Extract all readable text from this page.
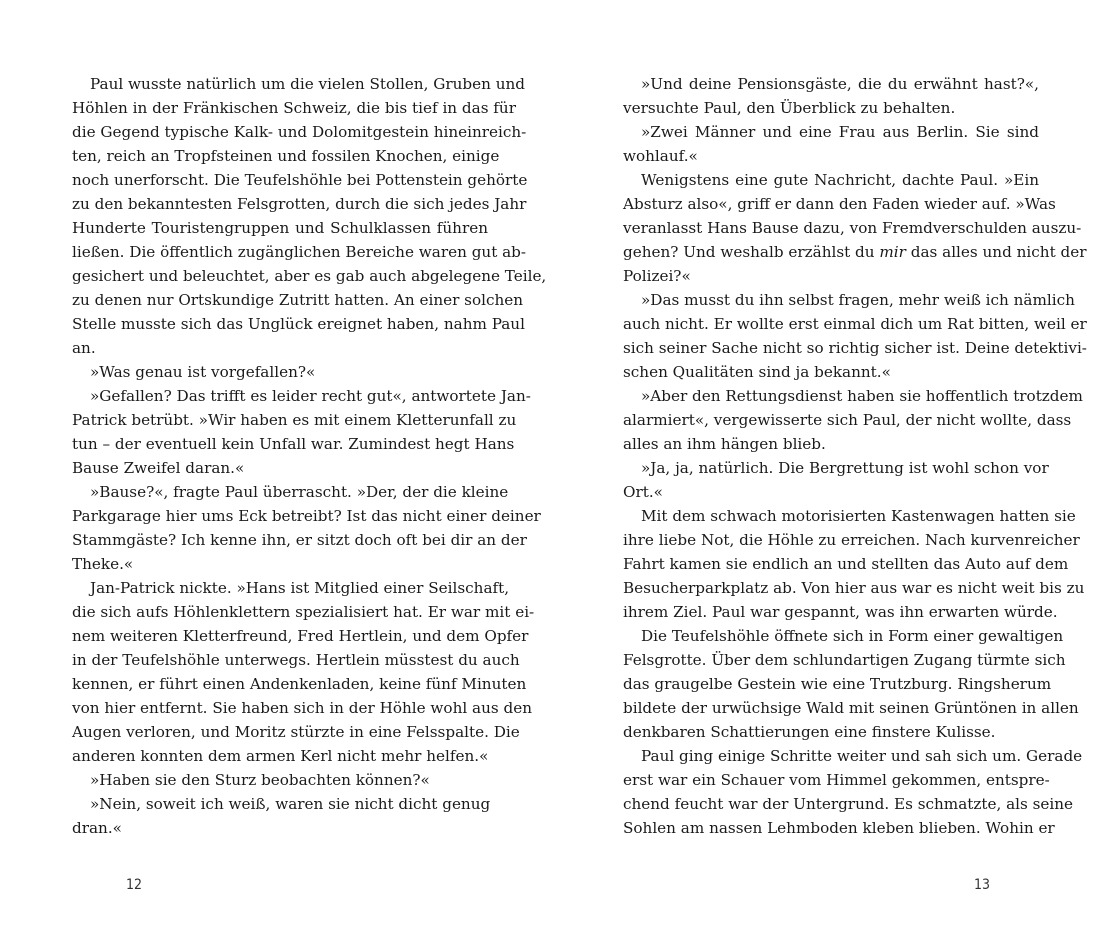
Paul wusste natürlich um die vielen Stollen, Gruben und
Höhlen in der Fränkischen Schweiz, die bis tief in das für
die Gegend typische Kalk- und Dolomitgestein hineinreich-
ten, reich an Tropfsteinen und fossilen Knochen, einige
noch unerforscht. Die Teufelshöhle bei Pottenstein gehörte
zu den bekanntesten Felsgrotten, durch die sich jedes Jahr
Hunderte Touristengruppen und Schulklassen führen
ließen. Die öffentlich zugänglichen Bereiche waren gut ab-
gesichert und beleuchtet, aber es gab auch abgelegene Teile,
zu denen nur Ortskundige Zutritt hatten. An einer solchen
Stelle musste sich das Unglück ereignet haben, nahm Paul
an.
»Was genau ist vorgefallen?«
»Gefallen? Das trifft es leider recht gut«, antwortete Jan-
Patrick betrübt. »Wir haben es mit einem Kletterunfall zu
tun – der eventuell kein Unfall war. Zumindest hegt Hans
Bause Zweifel daran.«
»Bause?«, fragte Paul überrascht. »Der, der die kleine
Parkgarage hier ums Eck betreibt? Ist das nicht einer deiner
Stammgäste? Ich kenne ihn, er sitzt doch oft bei dir an der
Theke.«
Jan-Patrick nickte. »Hans ist Mitglied einer Seilschaft,
die sich aufs Höhlenklettern spezialisiert hat. Er war mit ei-
nem weiteren Kletterfreund, Fred Hertlein, und dem Opfer
in der Teufelshöhle unterwegs. Hertlein müsstest du auch
kennen, er führt einen Andenkenladen, keine fünf Minuten
von hier entfernt. Sie haben sich in der Höhle wohl aus den
Augen verloren, und Moritz stürzte in eine Felsspalte. Die
anderen konnten dem armen Kerl nicht mehr helfen.«
»Haben sie den Sturz beobachten können?«
»Nein, soweit ich weiß, waren sie nicht dicht genug
dran.«
12
»Und deine Pensionsgäste, die du erwähnt hast?«,
versuchte Paul, den Überblick zu behalten.
»Zwei Männer und eine Frau aus Berlin. Sie sind
wohlauf.«
Wenigstens eine gute Nachricht, dachte Paul. »Ein
Absturz also«, griff er dann den Faden wieder auf. »Was
veranlasst Hans Bause dazu, von Fremdverschulden auszu-
gehen? Und weshalb erzählst du mir das alles und nicht der
Polizei?«
»Das musst du ihn selbst fragen, mehr weiß ich nämlich
auch nicht. Er wollte erst einmal dich um Rat bitten, weil er
sich seiner Sache nicht so richtig sicher ist. Deine detektivi-
schen Qualitäten sind ja bekannt.«
»Aber den Rettungsdienst haben sie hoffentlich trotzdem
alarmiert«, vergewisserte sich Paul, der nicht wollte, dass
alles an ihm hängen blieb.
»Ja, ja, natürlich. Die Bergrettung ist wohl schon vor
Ort.«
Mit dem schwach motorisierten Kastenwagen hatten sie
ihre liebe Not, die Höhle zu erreichen. Nach kurvenreicher
Fahrt kamen sie endlich an und stellten das Auto auf dem
Besucherparkplatz ab. Von hier aus war es nicht weit bis zu
ihrem Ziel. Paul war gespannt, was ihn erwarten würde.
Die Teufelshöhle öffnete sich in Form einer gewaltigen
Felsgrotte. Über dem schlundartigen Zugang türmte sich
das graugelbe Gestein wie eine Trutzburg. Ringsherum
bildete der urwüchsige Wald mit seinen Grüntönen in allen
denkbaren Schattierungen eine finstere Kulisse.
Paul ging einige Schritte weiter und sah sich um. Gerade
erst war ein Schauer vom Himmel gekommen, entspre-
chend feucht war der Untergrund. Es schmatzte, als seine
Sohlen am nassen Lehmboden kleben blieben. Wohin er
13
